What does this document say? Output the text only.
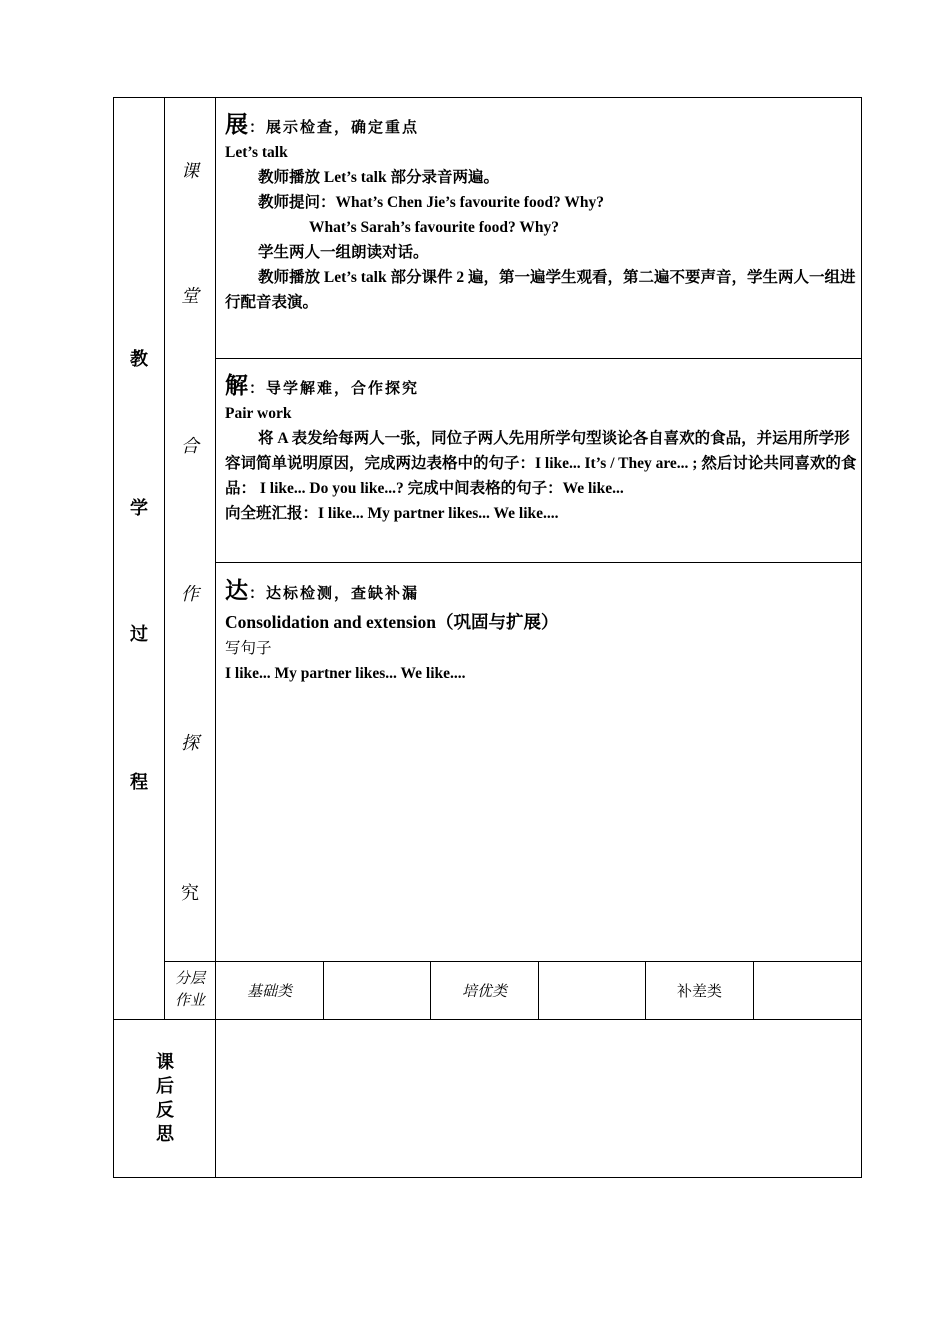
教
学
过
程
课
堂
合
作
探
究
展：展示检查，确定重点
Let’s talk
教师播放 Let’s talk 部分录音两遍。
教师提问：What’s Chen Jie’s favourite food? Why?
What’s Sarah’s favourite food? Why?
学生两人一组朗读对话。
教师播放 Let’s talk 部分课件 2 遍，第一遍学生观看，第二遍不要声音，学生两人一组进行配音表演。
解：导学解难，合作探究
Pair work
将 A 表发给每两人一张，同位子两人先用所学句型谈论各自喜欢的食品，并运用所学形容词简单说明原因，完成两边表格中的句子：I like... It’s / They are... ; 然后讨论共同喜欢的食品： I like... Do you like...? 完成中间表格的句子：We like...
向全班汇报：I like... My partner likes... We like....
达：达标检测，查缺补漏
Consolidation and extension（巩固与扩展）
写句子
I like... My partner likes... We like....
分层
作业
基础类	培优类	补差类
课
后
反
思
